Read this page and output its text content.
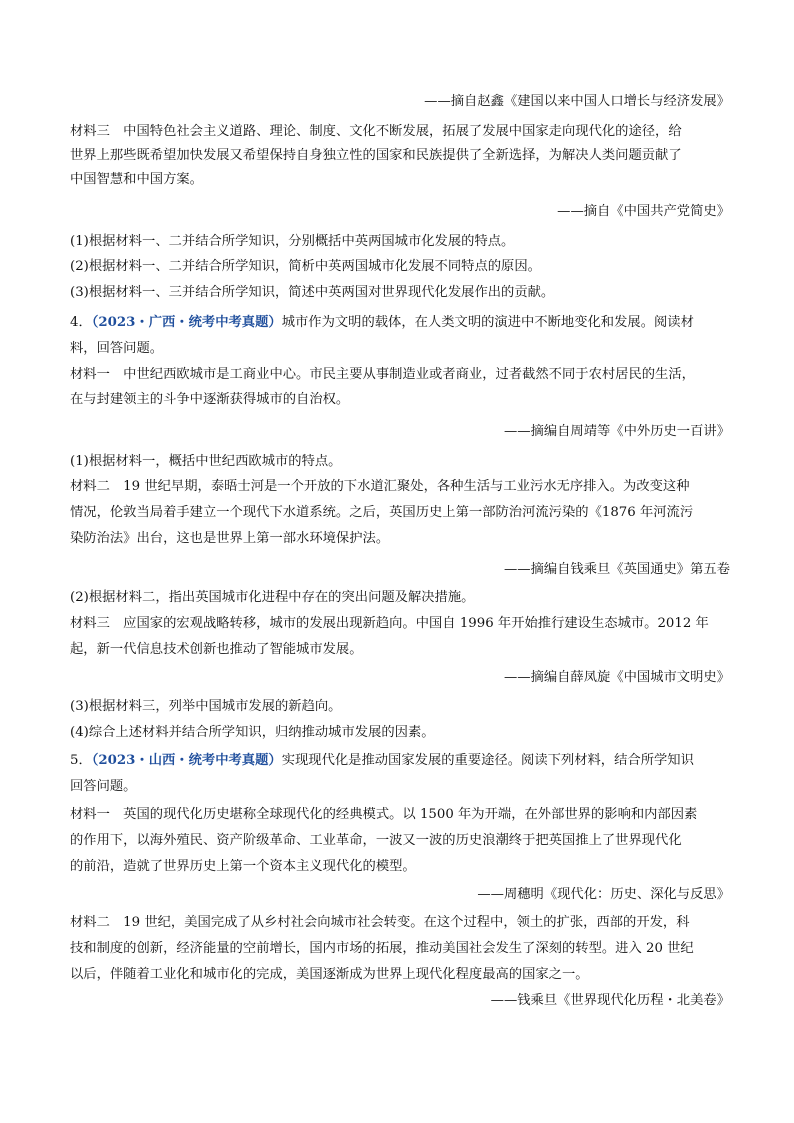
——摘自赵鑫《建国以来中国人口增长与经济发展》
材料三　中国特色社会主义道路、理论、制度、文化不断发展，拓展了发展中国家走向现代化的途径，给
世界上那些既希望加快发展又希望保持自身独立性的国家和民族提供了全新选择，为解决人类问题贡献了
中国智慧和中国方案。
——摘自《中国共产党简史》
(1)根据材料一、二并结合所学知识，分别概括中英两国城市化发展的特点。
(2)根据材料一、二并结合所学知识，简析中英两国城市化发展不同特点的原因。
(3)根据材料一、三并结合所学知识，简述中英两国对世界现代化发展作出的贡献。
4．（2023・广西・统考中考真题）城市作为文明的载体，在人类文明的演进中不断地变化和发展。阅读材
料，回答问题。
材料一　中世纪西欧城市是工商业中心。市民主要从事制造业或者商业，过者截然不同于农村居民的生活，
在与封建领主的斗争中逐渐获得城市的自治权。
——摘编自周靖等《中外历史一百讲》
(1)根据材料一，概括中世纪西欧城市的特点。
材料二　19 世纪早期，泰晤士河是一个开放的下水道汇聚处，各种生活与工业污水无序排入。为改变这种
情况，伦敦当局着手建立一个现代下水道系统。之后，英国历史上第一部防治河流污染的《1876 年河流污
染防治法》出台，这也是世界上第一部水环境保护法。
——摘编自钱乘旦《英国通史》第五卷
(2)根据材料二，指出英国城市化进程中存在的突出问题及解决措施。
材料三　应国家的宏观战略转移，城市的发展出现新趋向。中国自 1996 年开始推行建设生态城市。2012 年
起，新一代信息技术创新也推动了智能城市发展。
——摘编自薛凤旋《中国城市文明史》
(3)根据材料三，列举中国城市发展的新趋向。
(4)综合上述材料并结合所学知识，归纳推动城市发展的因素。
5．（2023・山西・统考中考真题）实现现代化是推动国家发展的重要途径。阅读下列材料，结合所学知识
回答问题。
材料一　英国的现代化历史堪称全球现代化的经典模式。以 1500 年为开端，在外部世界的影响和内部因素
的作用下，以海外殖民、资产阶级革命、工业革命，一波又一波的历史浪潮终于把英国推上了世界现代化
的前沿，造就了世界历史上第一个资本主义现代化的模型。
——周穗明《现代化：历史、深化与反思》
材料二　19 世纪，美国完成了从乡村社会向城市社会转变。在这个过程中，领土的扩张，西部的开发，科
技和制度的创新，经济能量的空前增长，国内市场的拓展，推动美国社会发生了深刻的转型。进入 20 世纪
以后，伴随着工业化和城市化的完成，美国逐渐成为世界上现代化程度最高的国家之一。
——钱乘旦《世界现代化历程・北美卷》
